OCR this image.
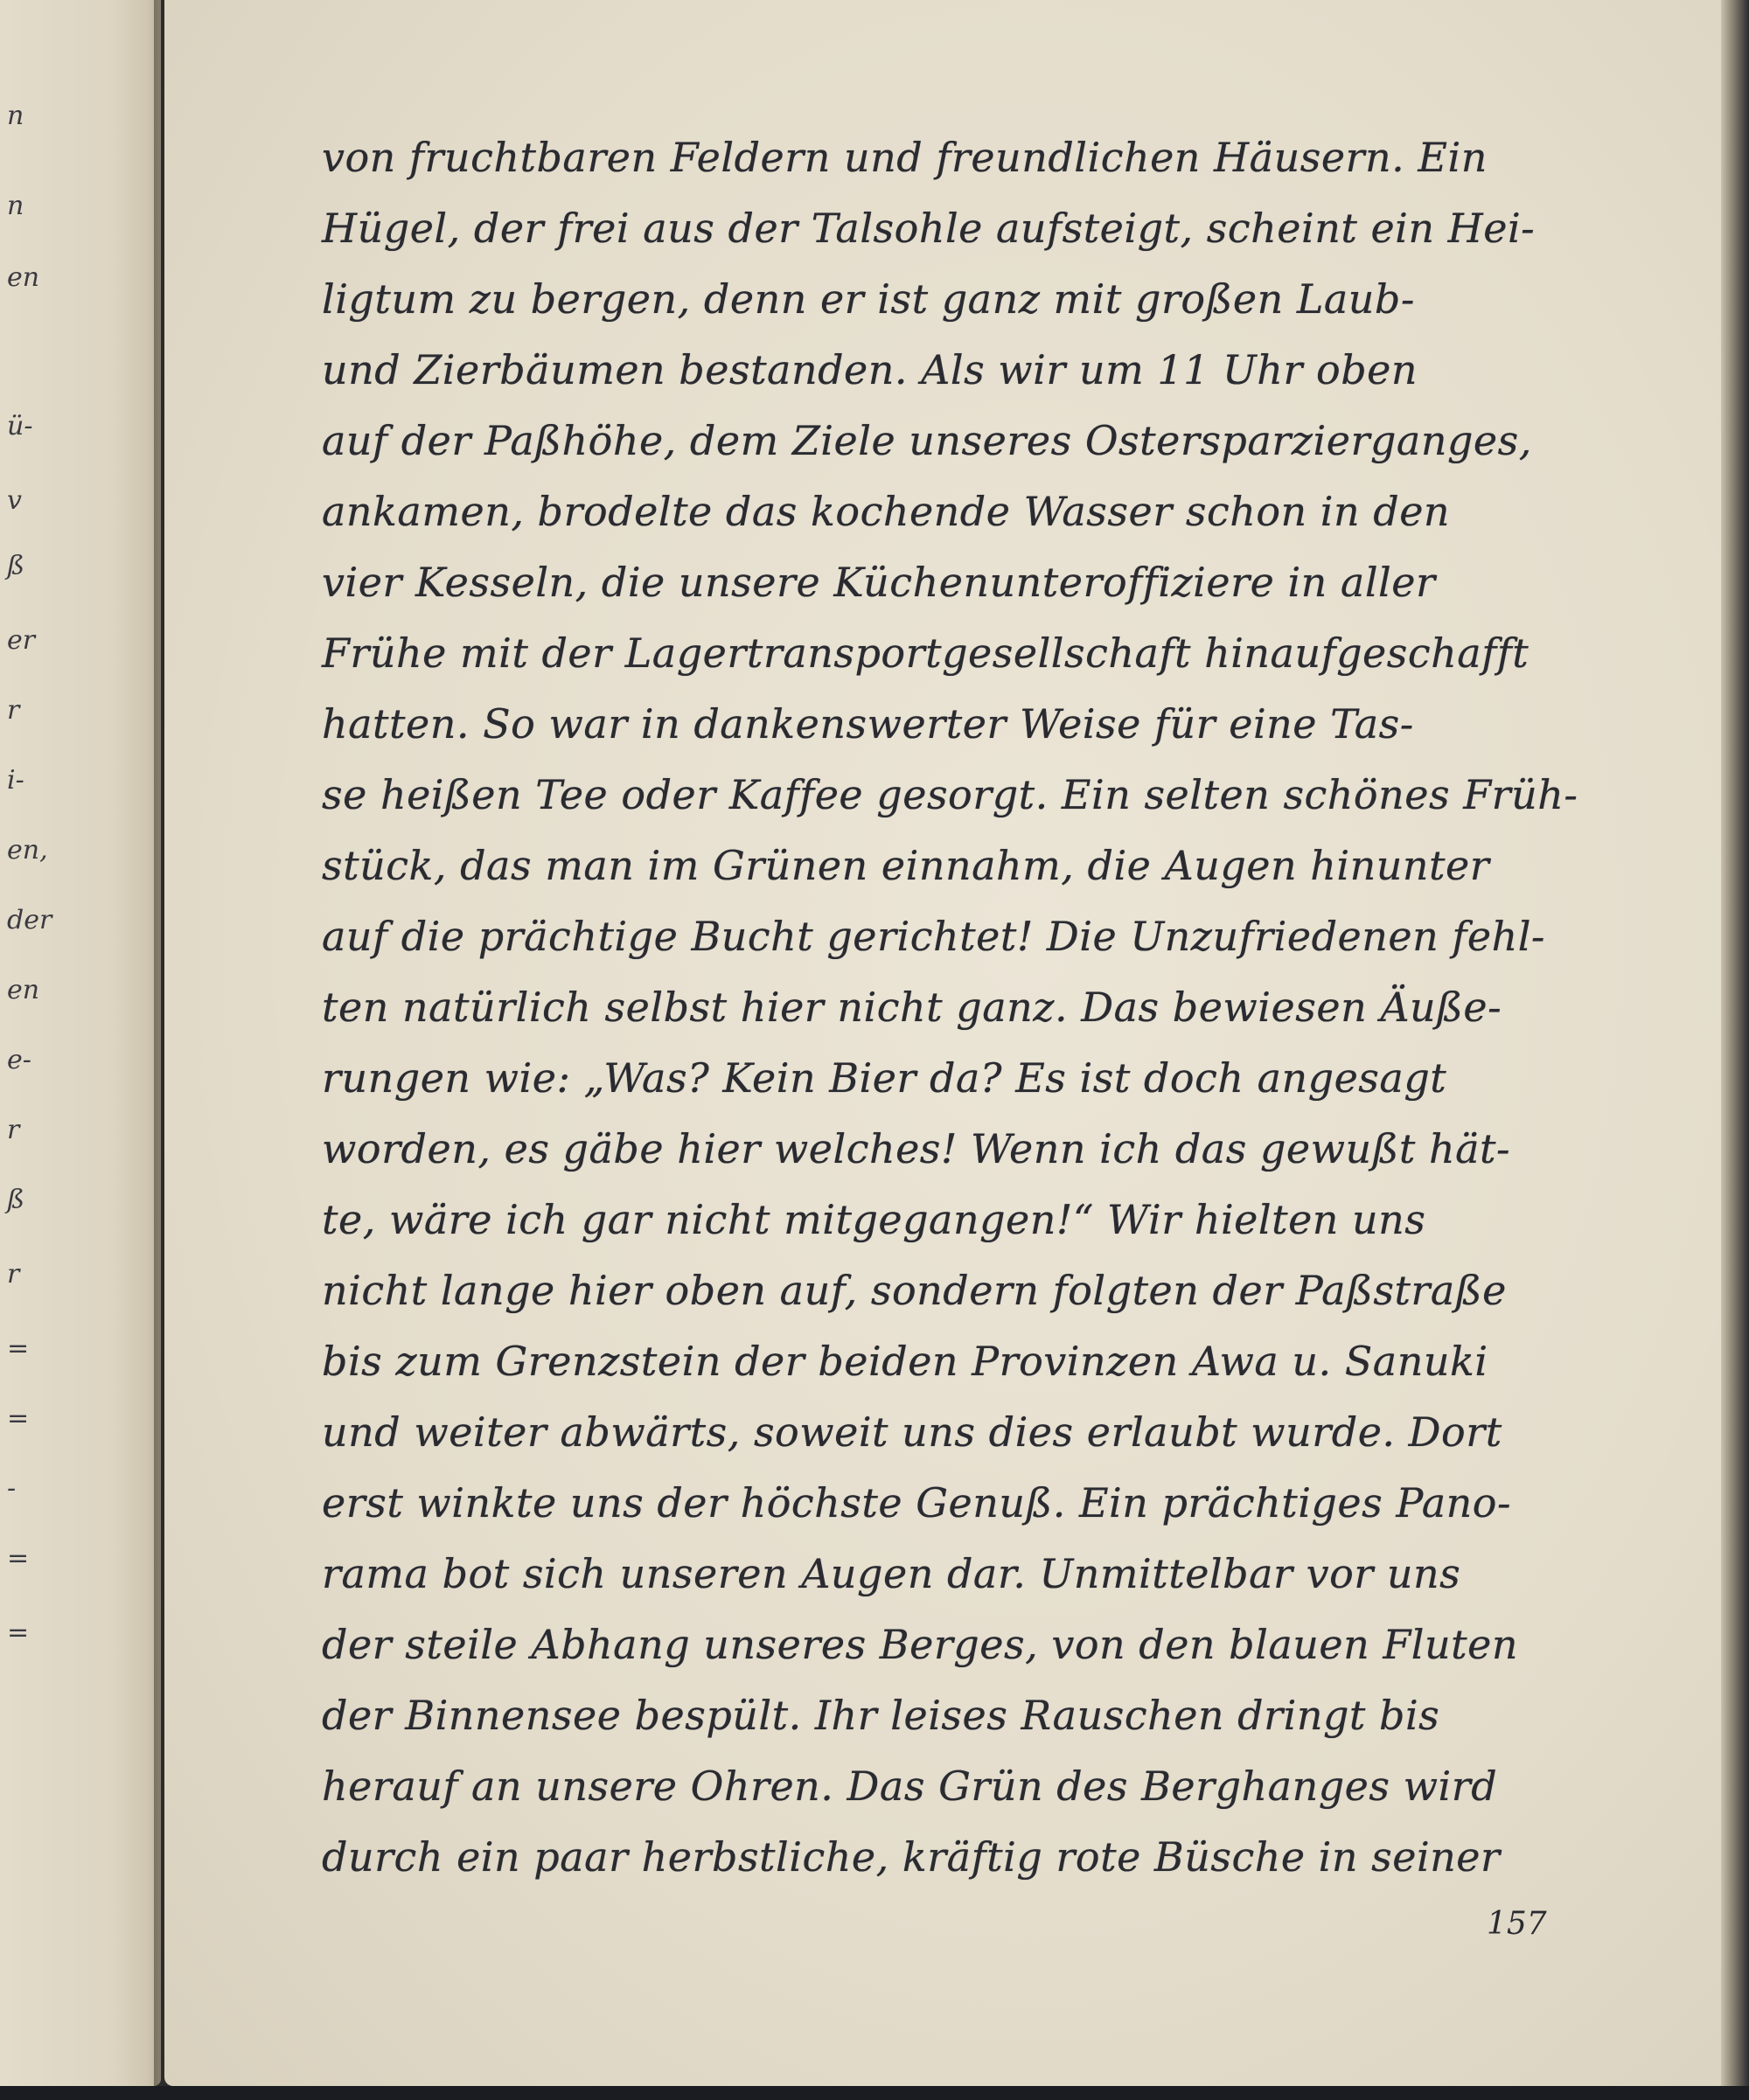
n
n
en
ü-
v
ß
er
r
i-
en,
der
en
e-
r
ß
r
=
=
-
=
=
von fruchtbaren Feldern und freundlichen Häusern. Ein
Hügel, der frei aus der Talsohle aufsteigt, scheint ein Hei-
ligtum zu bergen, denn er ist ganz mit großen Laub-
und Zierbäumen bestanden. Als wir um 11 Uhr oben
auf der Paßhöhe, dem Ziele unseres Ostersparzierganges,
ankamen, brodelte das kochende Wasser schon in den
vier Kesseln, die unsere Küchenunteroffiziere in aller
Frühe mit der Lagertransportgesellschaft hinaufgeschafft
hatten. So war in dankenswerter Weise für eine Tas-
se heißen Tee oder Kaffee gesorgt. Ein selten schönes Früh-
stück, das man im Grünen einnahm, die Augen hinunter
auf die prächtige Bucht gerichtet! Die Unzufriedenen fehl-
ten natürlich selbst hier nicht ganz. Das bewiesen Äuße-
rungen wie: „Was? Kein Bier da? Es ist doch angesagt
worden, es gäbe hier welches! Wenn ich das gewußt hät-
te, wäre ich gar nicht mitgegangen!“ Wir hielten uns
nicht lange hier oben auf, sondern folgten der Paßstraße
bis zum Grenzstein der beiden Provinzen Awa u. Sanuki
und weiter abwärts, soweit uns dies erlaubt wurde. Dort
erst winkte uns der höchste Genuß. Ein prächtiges Pano-
rama bot sich unseren Augen dar. Unmittelbar vor uns
der steile Abhang unseres Berges, von den blauen Fluten
der Binnensee bespült. Ihr leises Rauschen dringt bis
herauf an unsere Ohren. Das Grün des Berghanges wird
durch ein paar herbstliche, kräftig rote Büsche in seiner
157
